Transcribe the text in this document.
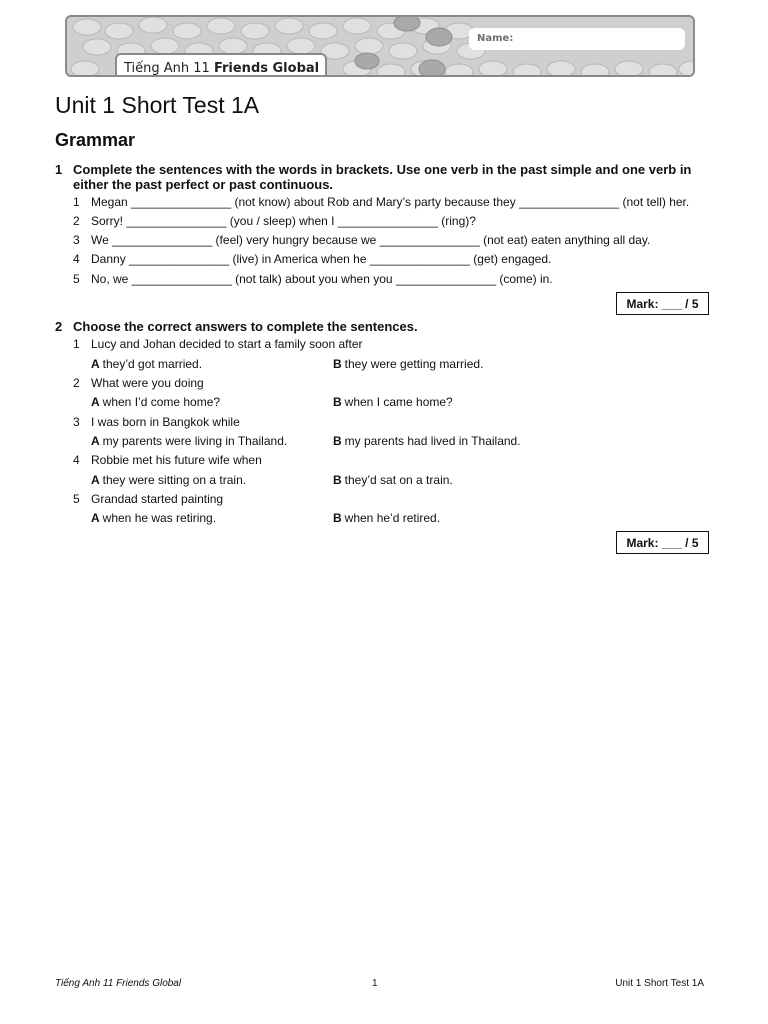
Name:
Tiếng Anh 11 Friends Global
Unit 1 Short Test 1A
Grammar
1 Complete the sentences with the words in brackets. Use one verb in the past simple and one verb in either the past perfect or past continuous.
1 Megan _______________ (not know) about Rob and Mary’s party because they _______________ (not tell) her.
2 Sorry! _______________ (you / sleep) when I _______________ (ring)?
3 We _______________ (feel) very hungry because we _______________ (not eat) eaten anything all day.
4 Danny _______________ (live) in America when he _______________ (get) engaged.
5 No, we _______________ (not talk) about you when you _______________ (come) in.
Mark: ___ / 5
2 Choose the correct answers to complete the sentences.
1 Lucy and Johan decided to start a family soon after
A they’d got married.	B they were getting married.
2 What were you doing
A when I’d come home?	B when I came home?
3 I was born in Bangkok while
A my parents were living in Thailand.	B my parents had lived in Thailand.
4 Robbie met his future wife when
A they were sitting on a train.	B they’d sat on a train.
5 Grandad started painting
A when he was retiring.	B when he’d retired.
Mark: ___ / 5
Tiếng Anh 11 Friends Global	1	Unit 1 Short Test 1A
